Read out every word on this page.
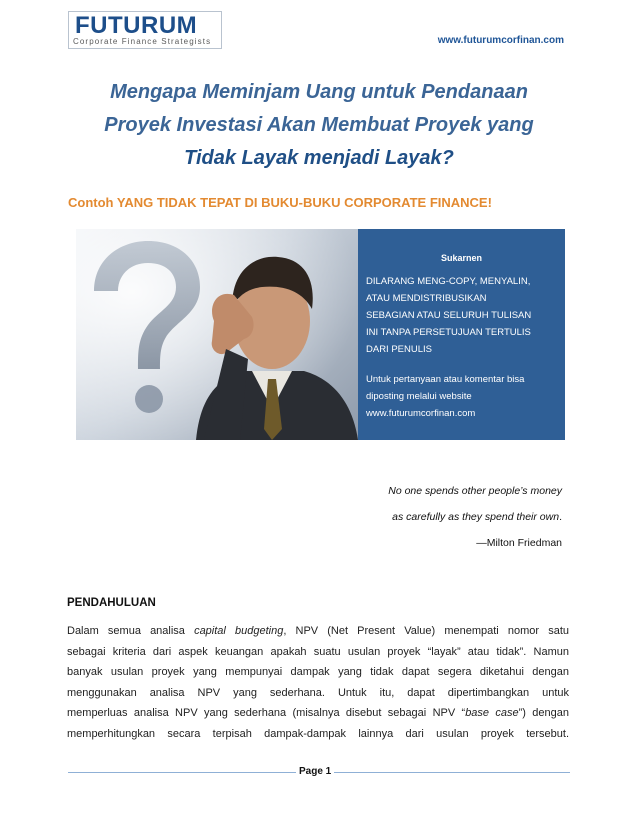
FUTURUM
Corporate Finance Strategists	www.futurumcorfinan.com
Mengapa Meminjam Uang untuk Pendanaan
Proyek Investasi Akan Membuat Proyek yang
Tidak Layak menjadi Layak?
Contoh YANG TIDAK TEPAT DI BUKU-BUKU CORPORATE FINANCE!
Sukarnen
DILARANG MENG-COPY, MENYALIN,
ATAU MENDISTRIBUSIKAN
SEBAGIAN ATAU SELURUH TULISAN
INI TANPA PERSETUJUAN TERTULIS
DARI PENULIS
Untuk pertanyaan atau komentar bisa
diposting melalui website
www.futurumcorfinan.com
No one spends other people’s money
as carefully as they spend their own.
—Milton Friedman
PENDAHULUAN
Dalam semua analisa capital budgeting, NPV (Net Present Value) menempati nomor satu
sebagai kriteria dari aspek keuangan apakah suatu usulan proyek “layak” atau tidak”. Namun
banyak usulan proyek yang mempunyai dampak yang tidak dapat segera diketahui dengan
menggunakan analisa NPV yang sederhana. Untuk itu, dapat dipertimbangkan untuk
memperluas analisa NPV yang sederhana (misalnya disebut sebagai NPV “base case”) dengan
memperhitungkan secara terpisah dampak-dampak lainnya dari usulan proyek tersebut.
Page 1
